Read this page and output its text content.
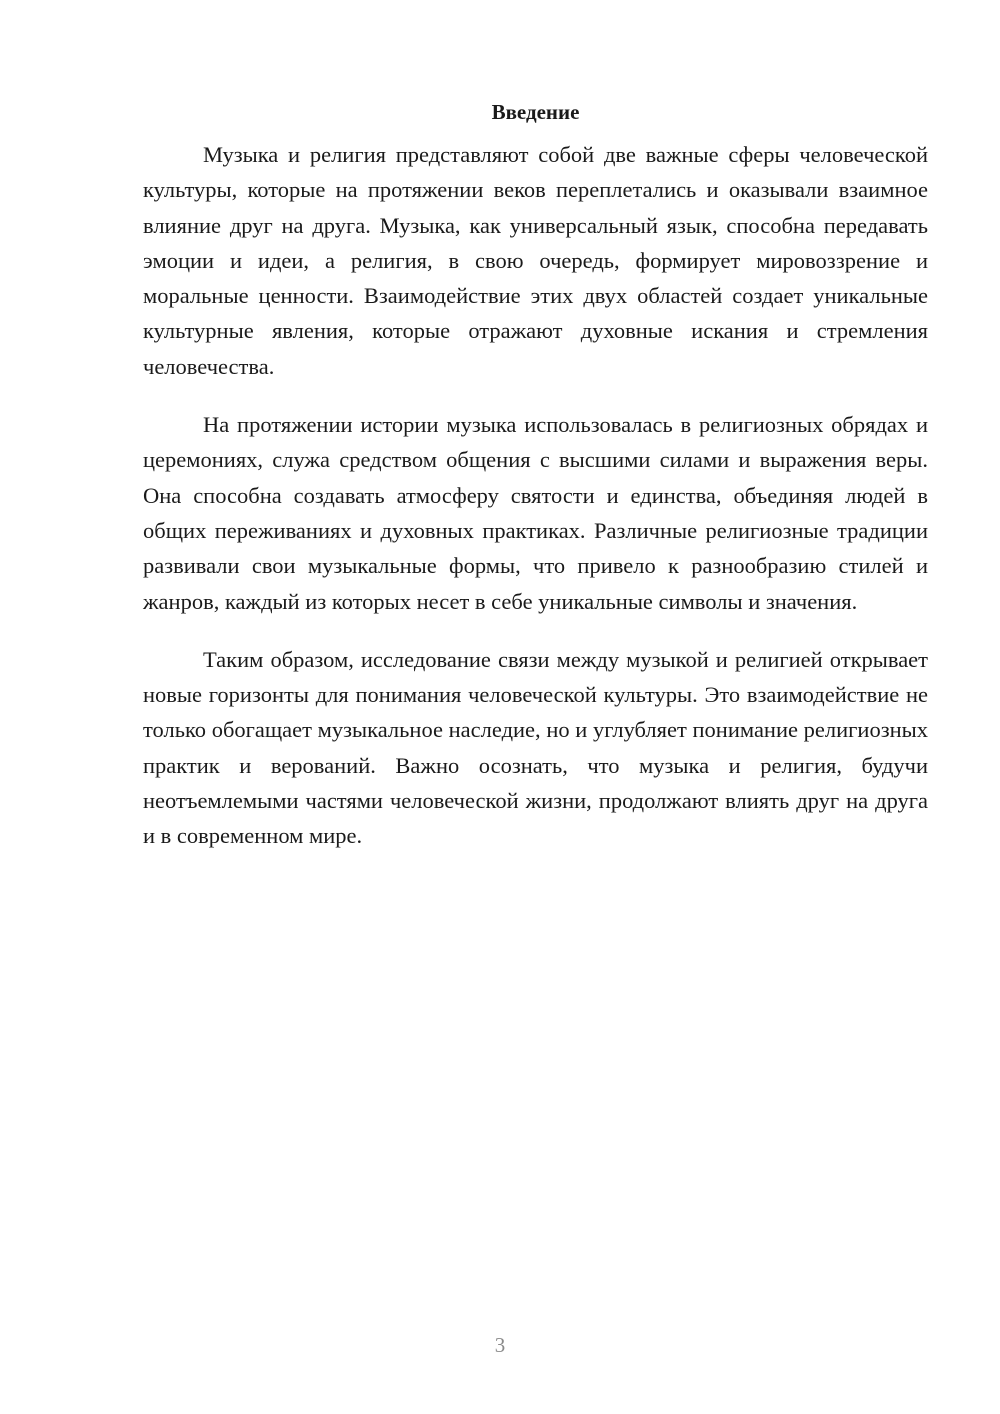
Введение

Музыка и религия представляют собой две важные сферы человеческой культуры, которые на протяжении веков переплетались и оказывали взаимное влияние друг на друга. Музыка, как универсальный язык, способна передавать эмоции и идеи, а религия, в свою очередь, формирует мировоззрение и моральные ценности. Взаимодействие этих двух областей создает уникальные культурные явления, которые отражают духовные искания и стремления человечества.

На протяжении истории музыка использовалась в религиозных обрядах и церемониях, служа средством общения с высшими силами и выражения веры. Она способна создавать атмосферу святости и единства, объединяя людей в общих переживаниях и духовных практиках. Различные религиозные традиции развивали свои музыкальные формы, что привело к разнообразию стилей и жанров, каждый из которых несет в себе уникальные символы и значения.

Таким образом, исследование связи между музыкой и религией открывает новые горизонты для понимания человеческой культуры. Это взаимодействие не только обогащает музыкальное наследие, но и углубляет понимание религиозных практик и верований. Важно осознать, что музыка и религия, будучи неотъемлемыми частями человеческой жизни, продолжают влиять друг на друга и в современном мире.

3
